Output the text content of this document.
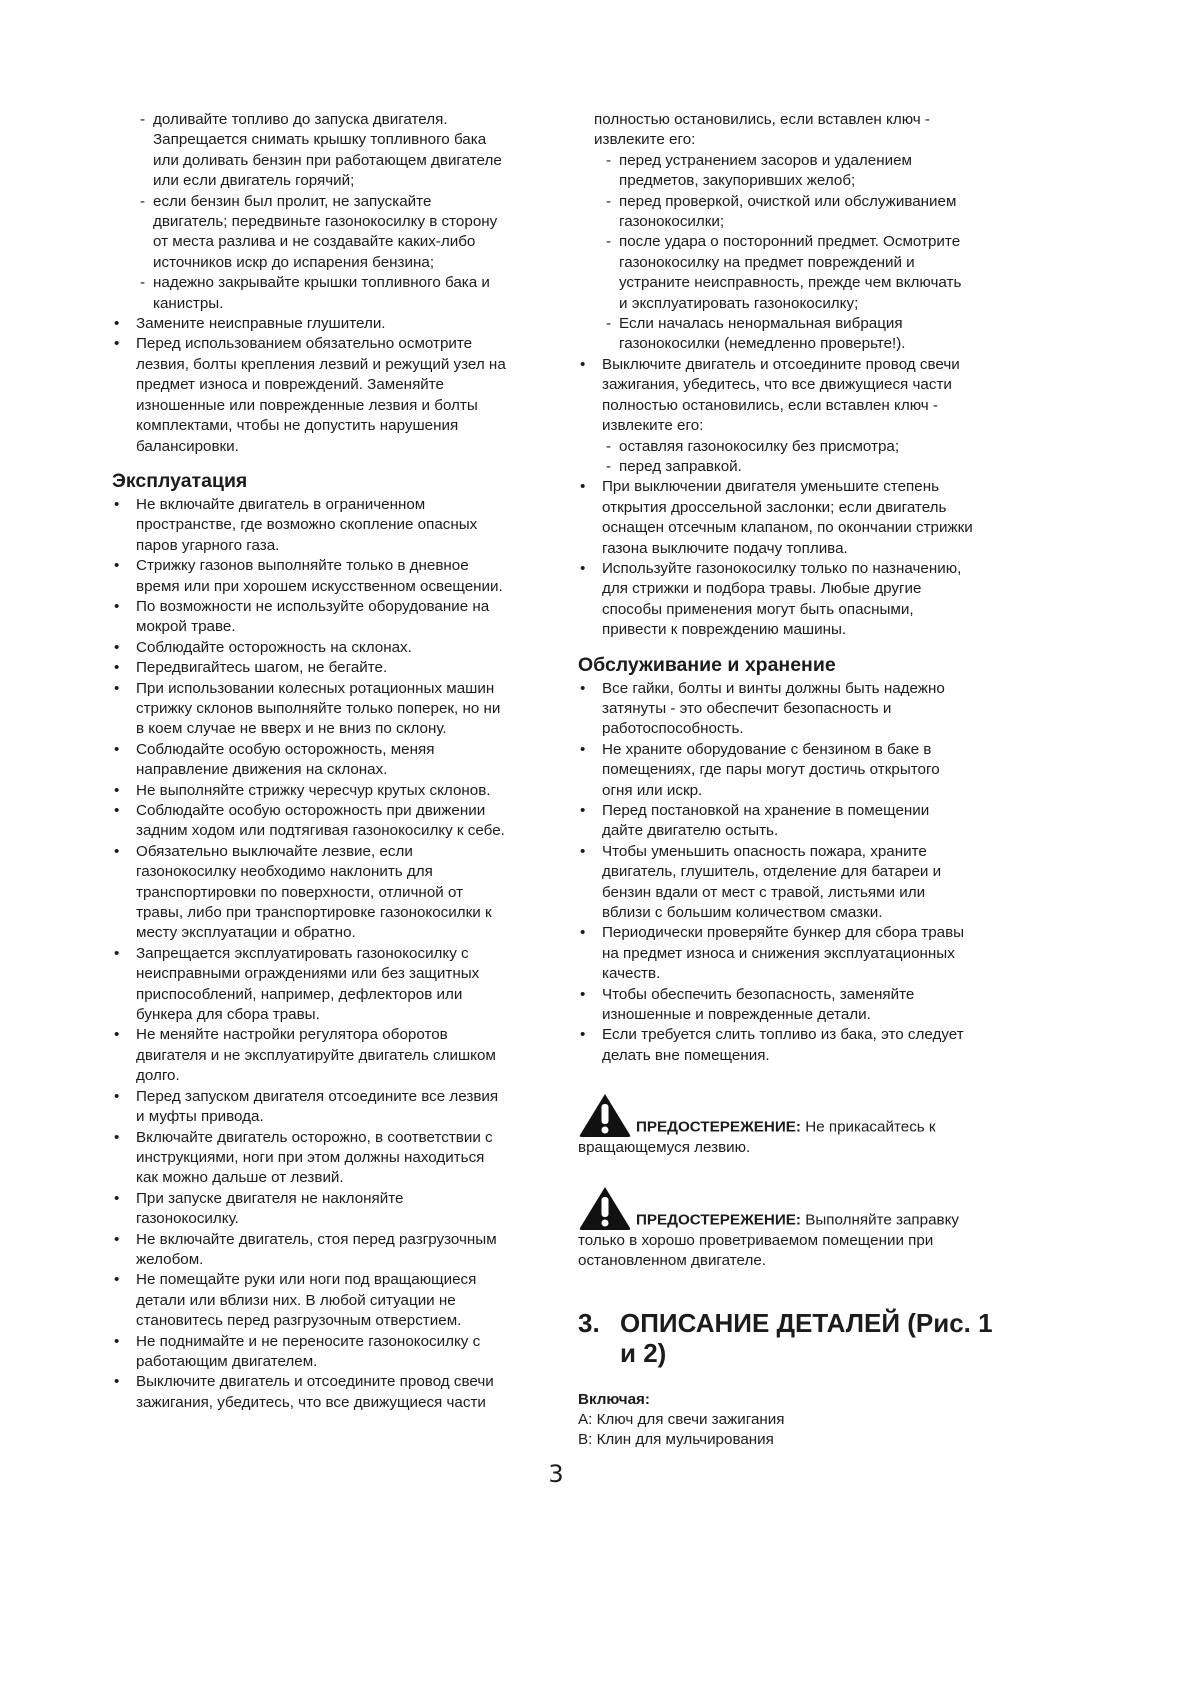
- доливайте топливо до запуска двигателя.
Запрещается снимать крышку топливного бака
или доливать бензин при работающем двигателе
или если двигатель горячий;
- если бензин был пролит, не запускайте
двигатель; передвиньте газонокосилку в сторону
от места разлива и не создавайте каких-либо
источников искр до испарения бензина;
- надежно закрывайте крышки топливного бака и
канистры.
• Замените неисправные глушители.
• Перед использованием обязательно осмотрите
лезвия, болты крепления лезвий и режущий узел на
предмет износа и повреждений. Заменяйте
изношенные или поврежденные лезвия и болты
комплектами, чтобы не допустить нарушения
балансировки.
Эксплуатация
• Не включайте двигатель в ограниченном
пространстве, где возможно скопление опасных
паров угарного газа.
• Стрижку газонов выполняйте только в дневное
время или при хорошем искусственном освещении.
• По возможности не используйте оборудование на
мокрой траве.
• Соблюдайте осторожность на склонах.
• Передвигайтесь шагом, не бегайте.
• При использовании колесных ротационных машин
стрижку склонов выполняйте только поперек, но ни
в коем случае не вверх и не вниз по склону.
• Соблюдайте особую осторожность, меняя
направление движения на склонах.
• Не выполняйте стрижку чересчур крутых склонов.
• Соблюдайте особую осторожность при движении
задним ходом или подтягивая газонокосилку к себе.
• Обязательно выключайте лезвие, если
газонокосилку необходимо наклонить для
транспортировки по поверхности, отличной от
травы, либо при транспортировке газонокосилки к
месту эксплуатации и обратно.
• Запрещается эксплуатировать газонокосилку с
неисправными ограждениями или без защитных
приспособлений, например, дефлекторов или
бункера для сбора травы.
• Не меняйте настройки регулятора оборотов
двигателя и не эксплуатируйте двигатель слишком
долго.
• Перед запуском двигателя отсоедините все лезвия
и муфты привода.
• Включайте двигатель осторожно, в соответствии с
инструкциями, ноги при этом должны находиться
как можно дальше от лезвий.
• При запуске двигателя не наклоняйте
газонокосилку.
• Не включайте двигатель, стоя перед разгрузочным
желобом.
• Не помещайте руки или ноги под вращающиеся
детали или вблизи них. В любой ситуации не
становитесь перед разгрузочным отверстием.
• Не поднимайте и не переносите газонокосилку с
работающим двигателем.
• Выключите двигатель и отсоедините провод свечи
зажигания, убедитесь, что все движущиеся части
полностью остановились, если вставлен ключ -
извлеките его:
- перед устранением засоров и удалением
предметов, закупоривших желоб;
- перед проверкой, очисткой или обслуживанием
газонокосилки;
- после удара о посторонний предмет. Осмотрите
газонокосилку на предмет повреждений и
устраните неисправность, прежде чем включать
и эксплуатировать газонокосилку;
- Если началась ненормальная вибрация
газонокосилки (немедленно проверьте!).
• Выключите двигатель и отсоедините провод свечи
зажигания, убедитесь, что все движущиеся части
полностью остановились, если вставлен ключ -
извлеките его:
- оставляя газонокосилку без присмотра;
- перед заправкой.
• При выключении двигателя уменьшите степень
открытия дроссельной заслонки; если двигатель
оснащен отсечным клапаном, по окончании стрижки
газона выключите подачу топлива.
• Используйте газонокосилку только по назначению,
для стрижки и подбора травы. Любые другие
способы применения могут быть опасными,
привести к повреждению машины.
Обслуживание и хранение
• Все гайки, болты и винты должны быть надежно
затянуты - это обеспечит безопасность и
работоспособность.
• Не храните оборудование с бензином в баке в
помещениях, где пары могут достичь открытого
огня или искр.
• Перед постановкой на хранение в помещении
дайте двигателю остыть.
• Чтобы уменьшить опасность пожара, храните
двигатель, глушитель, отделение для батареи и
бензин вдали от мест с травой, листьями или
вблизи с большим количеством смазки.
• Периодически проверяйте бункер для сбора травы
на предмет износа и снижения эксплуатационных
качеств.
• Чтобы обеспечить безопасность, заменяйте
изношенные и поврежденные детали.
• Если требуется слить топливо из бака, это следует
делать вне помещения.
ПРЕДОСТЕРЕЖЕНИЕ: Не прикасайтесь к
вращающемуся лезвию.
ПРЕДОСТЕРЕЖЕНИЕ: Выполняйте заправку
только в хорошо проветриваемом помещении при
остановленном двигателе.
3. ОПИСАНИЕ ДЕТАЛЕЙ (Рис. 1
и 2)
Включая:
A: Ключ для свечи зажигания
B: Клин для мульчирования
3
